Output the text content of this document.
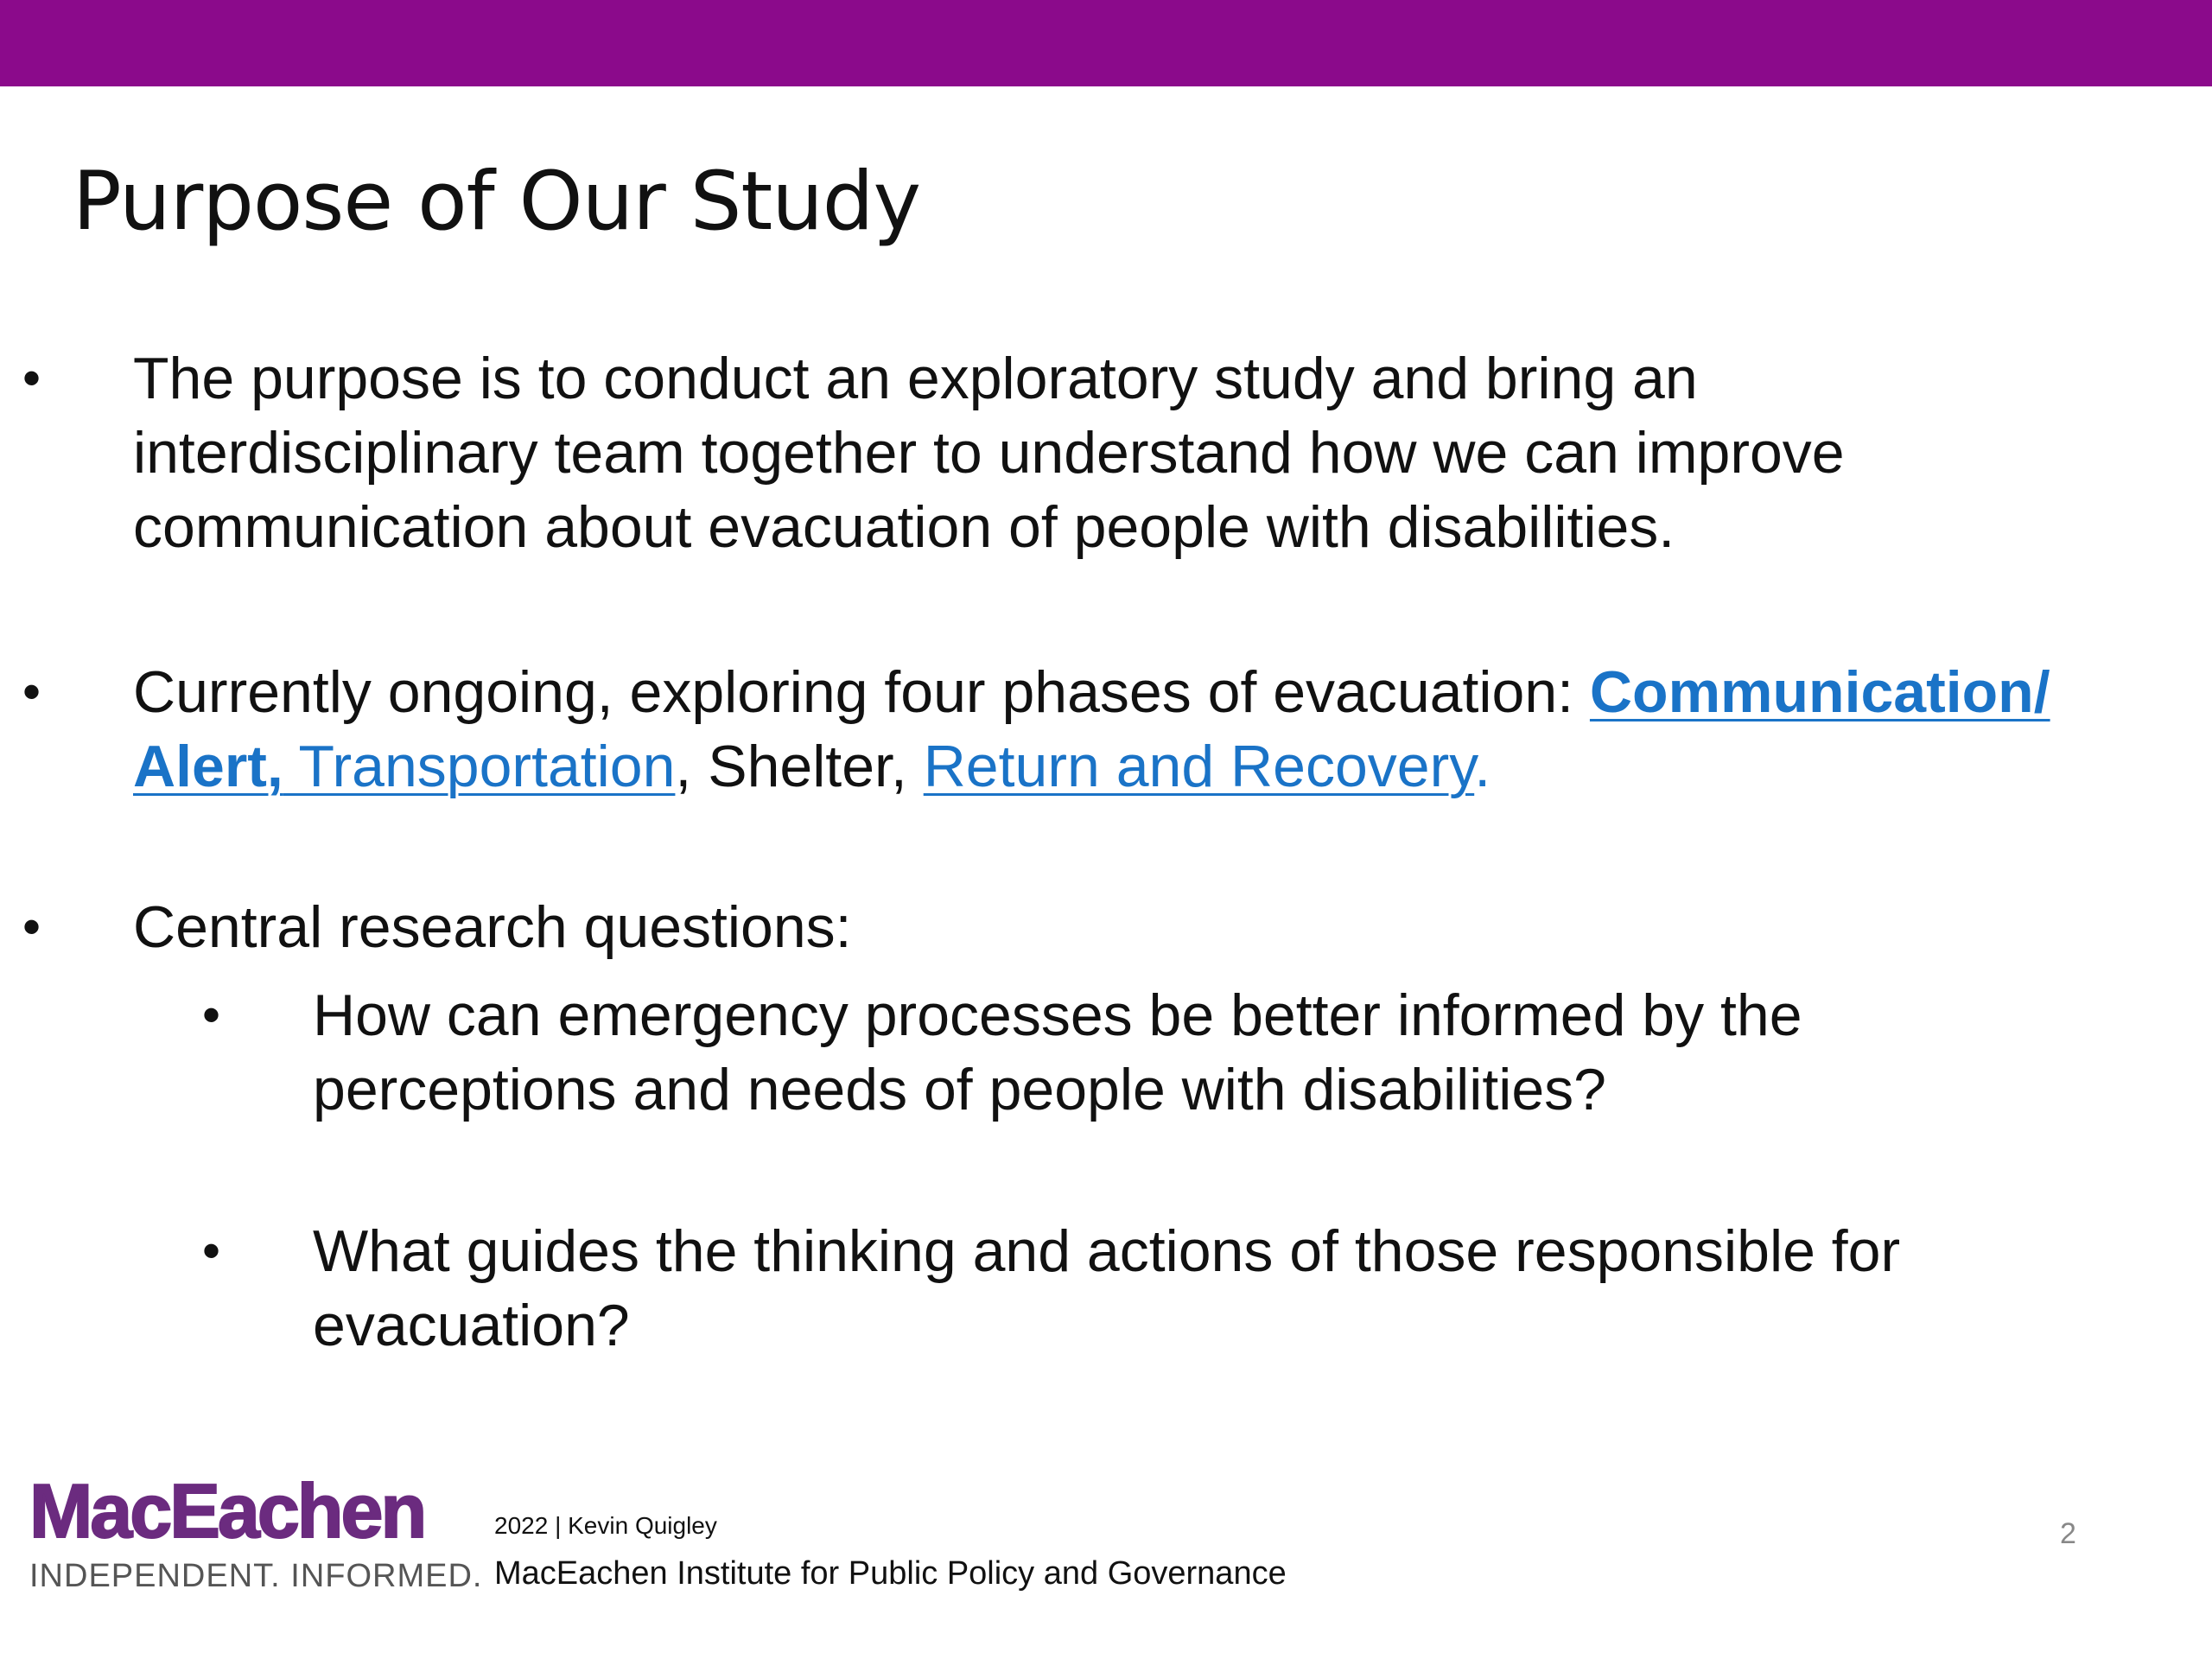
Purpose of Our Study
• The purpose is to conduct an exploratory study and bring an
interdisciplinary team together to understand how we can improve
communication about evacuation of people with disabilities.
• Currently ongoing, exploring four phases of evacuation: Communication/
Alert, Transportation, Shelter, Return and Recovery.
• Central research questions:
• How can emergency processes be better informed by the
perceptions and needs of people with disabilities?
• What guides the thinking and actions of those responsible for
evacuation?
MacEachen
INDEPENDENT. INFORMED.
2022 | Kevin Quigley
MacEachen Institute for Public Policy and Governance
2
